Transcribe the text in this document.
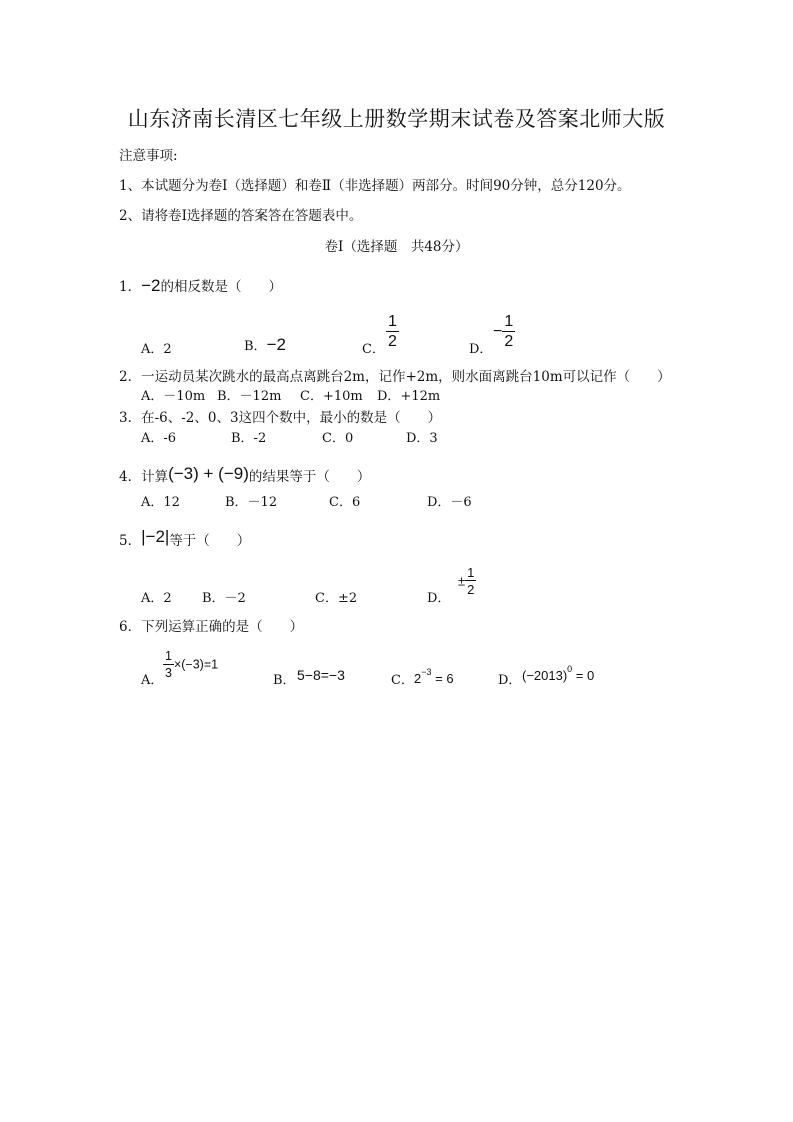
山东济南长清区七年级上册数学期末试卷及答案北师大版
注意事项:
1、本试题分为卷Ⅰ（选择题）和卷Ⅱ（非选择题）两部分。时间90分钟，总分120分。
2、请将卷Ⅰ选择题的答案答在答题表中。
卷Ⅰ（选择题　共48分）
1．−2的相反数是（　　）
A．2	B．−2	C． $\frac{1}{2}$	D．
− $\frac{1}{2}$
2．一运动员某次跳水的最高点离跳台2m，记作+2m，则水面离跳台10m可以记作（　　）
A．－10m B．－12m C．+10m D．+12m
3．在-6、-2、0、3这四个数中，最小的数是（　　）
A．-6	B．-2	C．0	D．3
4．计算(−3) + (−9)的结果等于（　　）
A．12	B．－12	C．6	D．－6
5．|−2|等于（　　）
A．2 B．－2	C．±2	D．
± $\frac{1}{2}$
6．下列运算正确的是（　　）
A．
$\frac{1}{3} \times(-3)=1$
B． 5−8=−3	C． $2^{-3} = 6$	D． $(-2013)^0 = 0$
